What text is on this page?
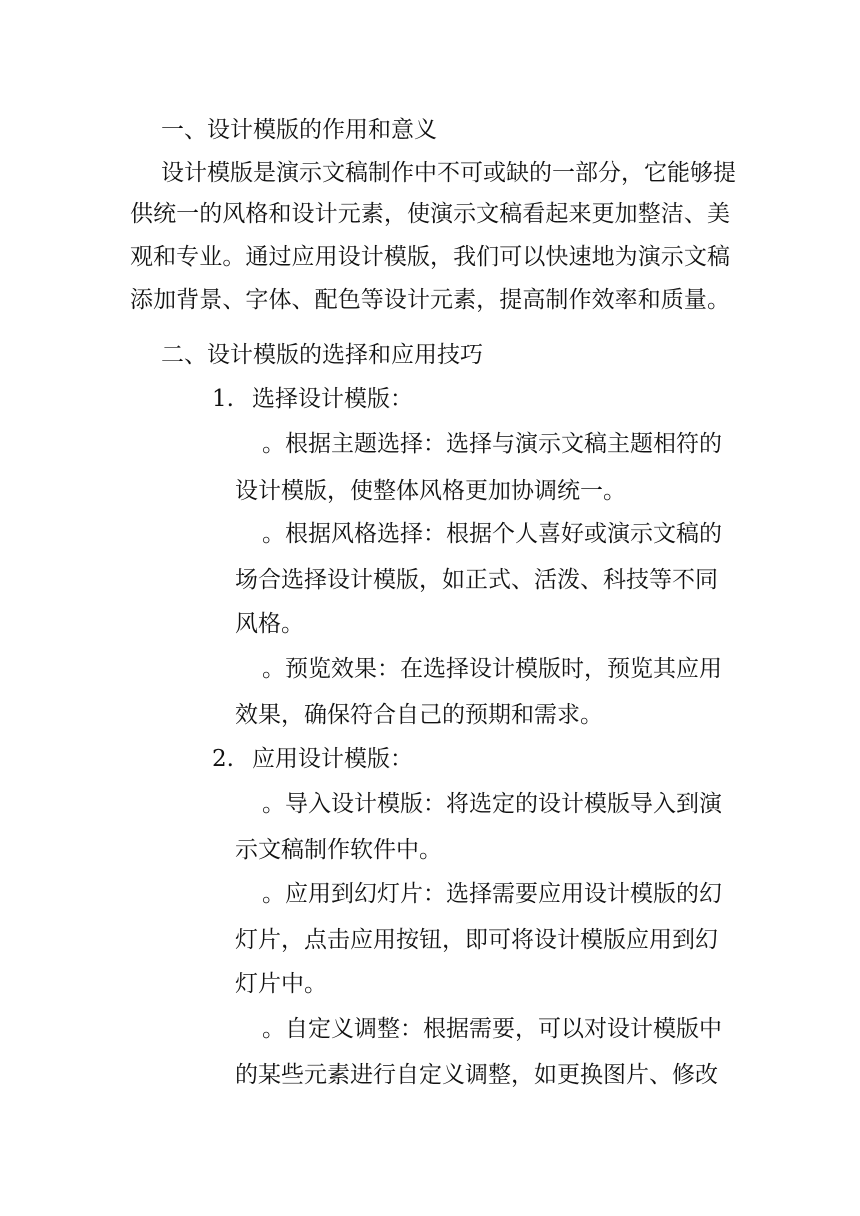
一、设计模版的作用和意义
设 计 模 版 是 演 示 文 稿 制 作 中 不 可 或 缺 的 一 部 分 ， 它 能 够 提
供 统 一 的 风 格 和 设 计 元 素 ， 使 演 示 文 稿 看 起 来 更 加 整 洁 、 美
观 和 专 业 。 通 过 应 用 设 计 模 版 ， 我 们 可 以 快 速 地 为 演 示 文 稿
添 加 背 景 、 字 体 、 配 色 等 设 计 元 素 ， 提 高 制 作 效 率 和 质 量 。
二、设计模版的选择和应用技巧
1. 选择设计模版：
。根据主题选择：选择与演示文稿主题相符的
设计模版，使整体风格更加协调统一。
。根据风格选择：根据个人喜好或演示文稿的
场合选择设计模版，如正式、活泼、科技等不同
风格。
。预览效果：在选择设计模版时，预览其应用
效果，确保符合自己的预期和需求。
2. 应用设计模版：
。导入设计模版：将选定的设计模版导入到演
示文稿制作软件中。
。应用到幻灯片：选择需要应用设计模版的幻
灯片，点击应用按钮，即可将设计模版应用到幻
灯片中。
。自定义调整：根据需要，可以对设计模版中
的某些元素进行自定义调整，如更换图片、修改
